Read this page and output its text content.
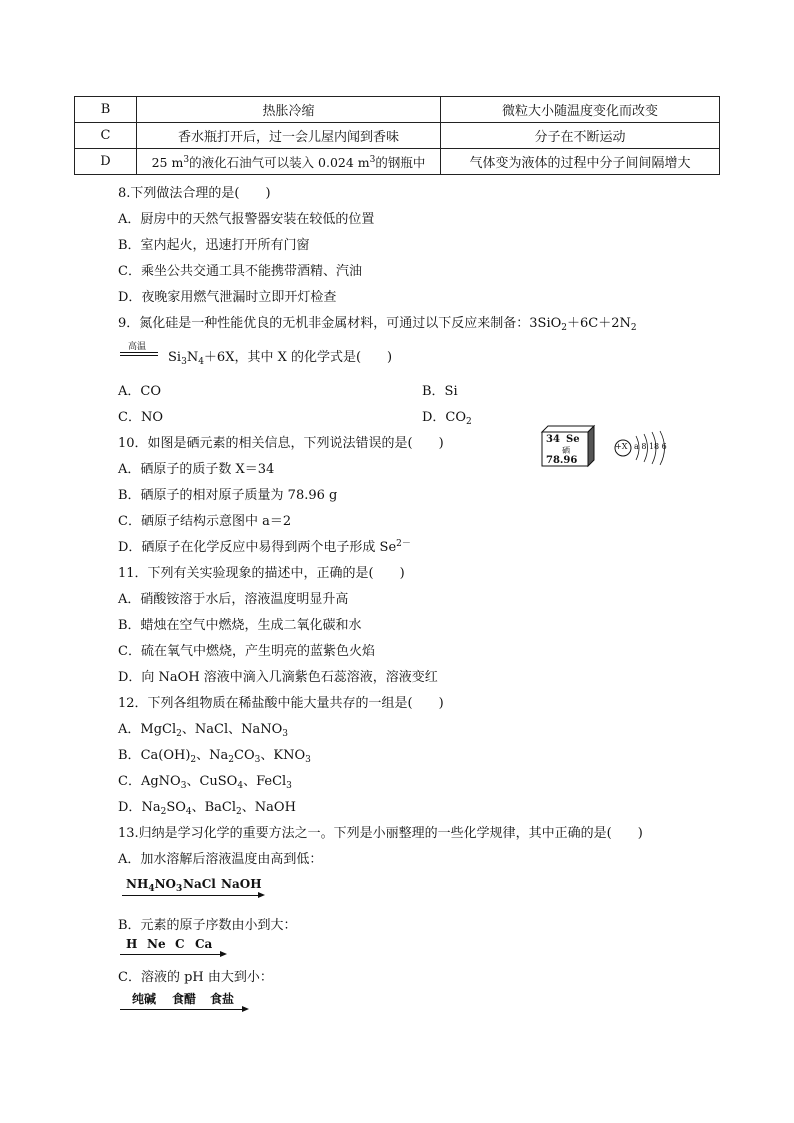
B	热胀冷缩	微粒大小随温度变化而改变
C	香水瓶打开后，过一会儿屋内闻到香味	分子在不断运动
D	25 $m^3$的液化石油气可以装入 0.024 $m^3$的钢瓶中	气体变为液体的过程中分子间间隔增大
8.下列做法合理的是(　　)
A．厨房中的天然气报警器安装在较低的位置
B．室内起火，迅速打开所有门窗
C．乘坐公共交通工具不能携带酒精、汽油
D．夜晚家用燃气泄漏时立即开灯检查
9．氮化硅是一种性能优良的无机非金属材料，可通过以下反应来制备：$3SiO_2+6C+2N_2$
高温
$Si_3N_4+6X$，其中 X 的化学式是(　　)
A．CO	B．Si
C．NO	D．$CO_2$
10．如图是硒元素的相关信息，下列说法错误的是(　　)	34 Se
硒
78.96
+X a 8 18 6
A．硒原子的质子数 X＝34
B．硒原子的相对原子质量为 78.96 g
C．硒原子结构示意图中 a＝2
D．硒原子在化学反应中易得到两个电子形成 $Se^{2-}$
11．下列有关实验现象的描述中，正确的是(　　)
A．硝酸铵溶于水后，溶液温度明显升高
B．蜡烛在空气中燃烧，生成二氧化碳和水
C．硫在氧气中燃烧，产生明亮的蓝紫色火焰
D．向 NaOH 溶液中滴入几滴紫色石蕊溶液，溶液变红
12．下列各组物质在稀盐酸中能大量共存的一组是(　　)
A．MgCl$_2$、NaCl、NaNO$_3$
B．$Ca(OH)_2$、$Na_2CO_3$、$KNO_3$
C．AgNO$_3$、CuSO$_4$、FeCl$_3$
D．$Na_2SO_4$、BaCl$_2$、NaOH
13.归纳是学习化学的重要方法之一。下列是小丽整理的一些化学规律，其中正确的是(　　)
A．加水溶解后溶液温度由高到低：
$NH_4NO_3$ NaCl NaOH
B．元素的原子序数由小到大：
H Ne C Ca
C．溶液的 pH 由大到小：
纯碱 食醋 食盐
